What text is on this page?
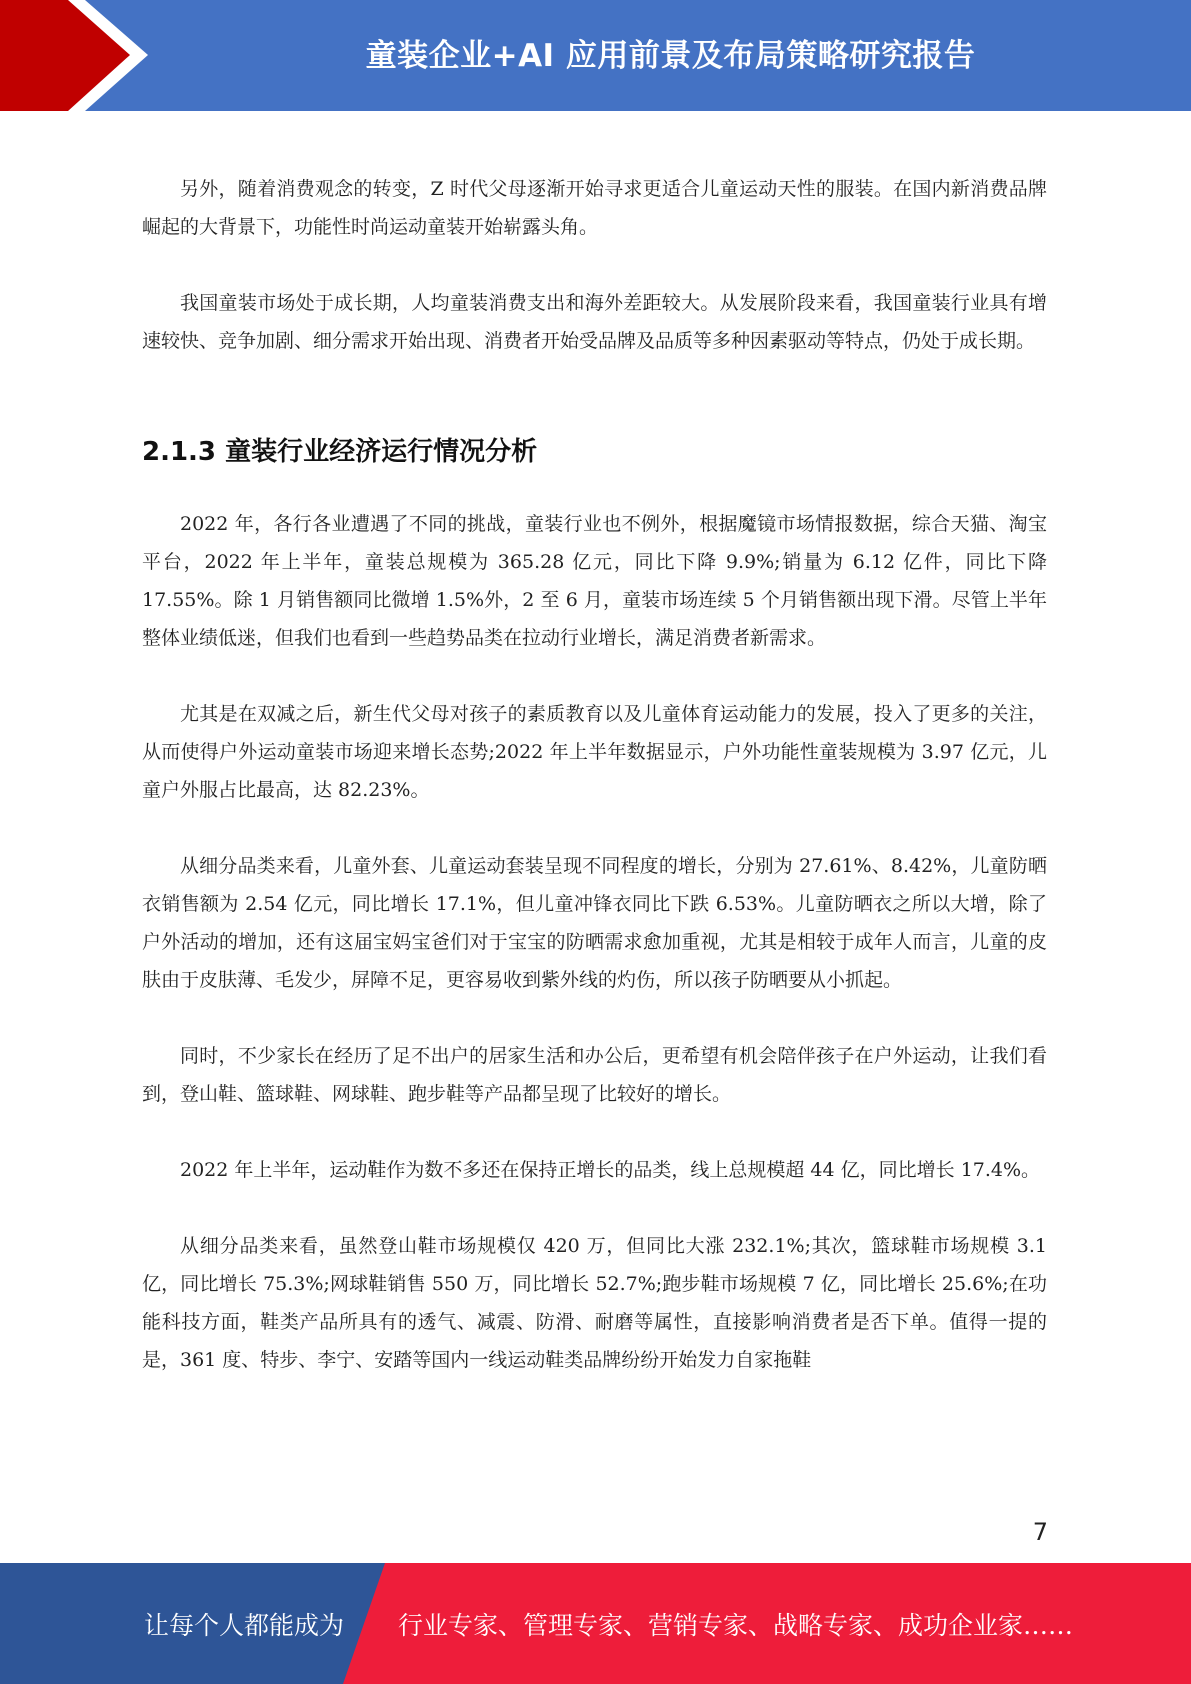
童装企业+AI 应用前景及布局策略研究报告

另外，随着消费观念的转变，Z 时代父母逐渐开始寻求更适合儿童运动天性的服装。在国内新消费品牌崛起的大背景下，功能性时尚运动童装开始崭露头角。

我国童装市场处于成长期，人均童装消费支出和海外差距较大。从发展阶段来看，我国童装行业具有增速较快、竞争加剧、细分需求开始出现、消费者开始受品牌及品质等多种因素驱动等特点，仍处于成长期。

2.1.3 童装行业经济运行情况分析

2022 年，各行各业遭遇了不同的挑战，童装行业也不例外，根据魔镜市场情报数据，综合天猫、淘宝平台，2022 年上半年，童装总规模为 365.28 亿元，同比下降 9.9%;销量为 6.12 亿件，同比下降 17.55%。除 1 月销售额同比微增 1.5%外，2 至 6 月，童装市场连续 5 个月销售额出现下滑。尽管上半年整体业绩低迷，但我们也看到一些趋势品类在拉动行业增长，满足消费者新需求。

尤其是在双减之后，新生代父母对孩子的素质教育以及儿童体育运动能力的发展，投入了更多的关注，从而使得户外运动童装市场迎来增长态势;2022 年上半年数据显示，户外功能性童装规模为 3.97 亿元，儿童户外服占比最高，达 82.23%。

从细分品类来看，儿童外套、儿童运动套装呈现不同程度的增长，分别为 27.61%、8.42%，儿童防晒衣销售额为 2.54 亿元，同比增长 17.1%，但儿童冲锋衣同比下跌 6.53%。儿童防晒衣之所以大增，除了户外活动的增加，还有这届宝妈宝爸们对于宝宝的防晒需求愈加重视，尤其是相较于成年人而言，儿童的皮肤由于皮肤薄、毛发少，屏障不足，更容易收到紫外线的灼伤，所以孩子防晒要从小抓起。

同时，不少家长在经历了足不出户的居家生活和办公后，更希望有机会陪伴孩子在户外运动，让我们看到，登山鞋、篮球鞋、网球鞋、跑步鞋等产品都呈现了比较好的增长。

2022 年上半年，运动鞋作为数不多还在保持正增长的品类，线上总规模超 44 亿，同比增长 17.4%。

从细分品类来看，虽然登山鞋市场规模仅 420 万，但同比大涨 232.1%;其次，篮球鞋市场规模 3.1 亿，同比增长 75.3%;网球鞋销售 550 万，同比增长 52.7%;跑步鞋市场规模 7 亿，同比增长 25.6%;在功能科技方面，鞋类产品所具有的透气、减震、防滑、耐磨等属性，直接影响消费者是否下单。值得一提的是，361 度、特步、李宁、安踏等国内一线运动鞋类品牌纷纷开始发力自家拖鞋

7
让每个人都能成为 行业专家、管理专家、营销专家、战略专家、成功企业家……
